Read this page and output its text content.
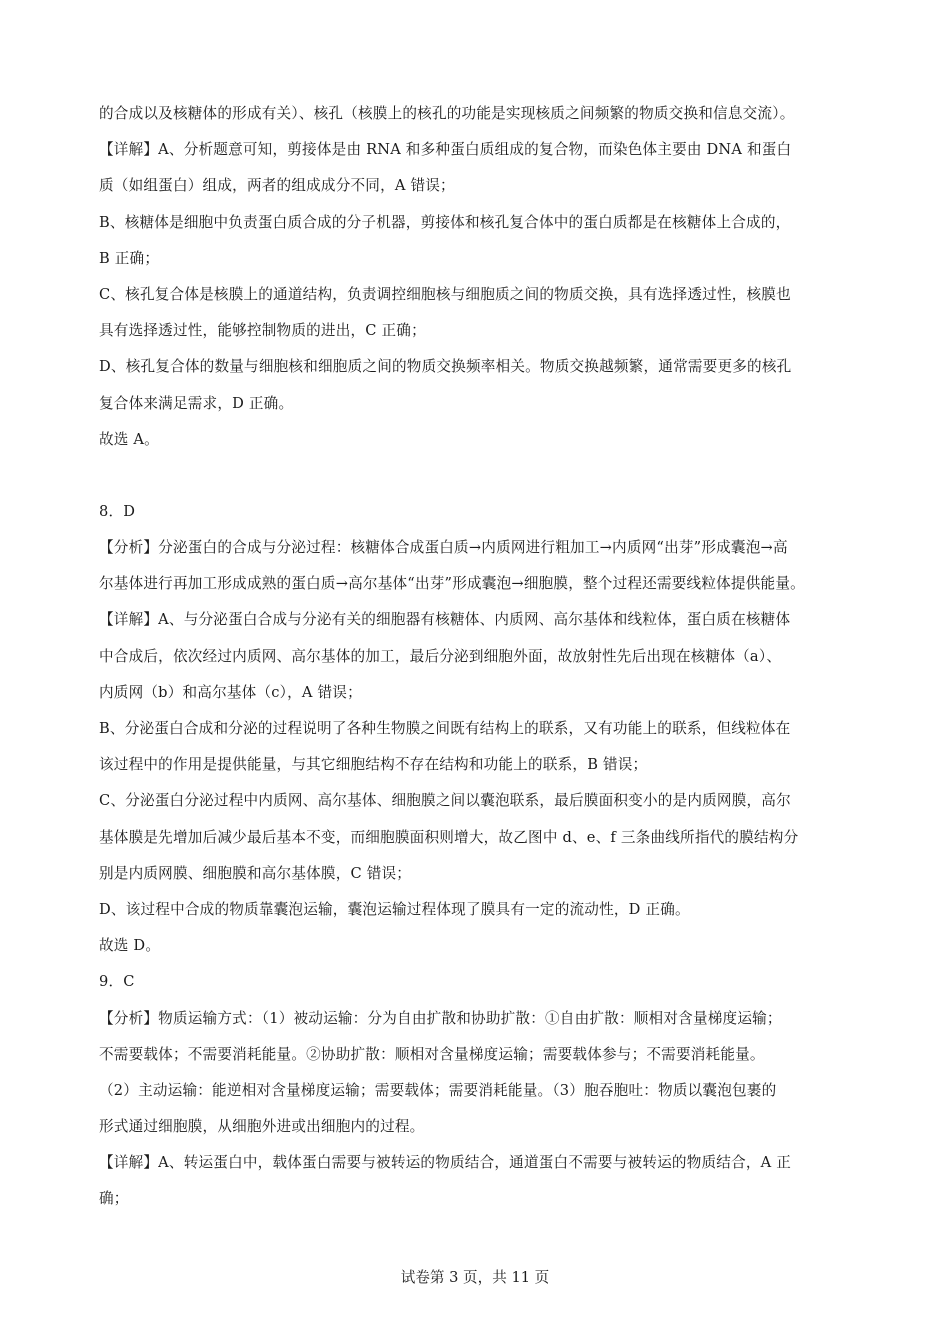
的合成以及核糖体的形成有关）、核孔（核膜上的核孔的功能是实现核质之间频繁的物质交换和信息交流）。
【详解】A、分析题意可知，剪接体是由 RNA 和多种蛋白质组成的复合物，而染色体主要由 DNA 和蛋白
质（如组蛋白）组成，两者的组成成分不同，A 错误；
B、核糖体是细胞中负责蛋白质合成的分子机器，剪接体和核孔复合体中的蛋白质都是在核糖体上合成的，
B 正确；
C、核孔复合体是核膜上的通道结构，负责调控细胞核与细胞质之间的物质交换，具有选择透过性，核膜也
具有选择透过性，能够控制物质的进出，C 正确；
D、核孔复合体的数量与细胞核和细胞质之间的物质交换频率相关。物质交换越频繁，通常需要更多的核孔
复合体来满足需求，D 正确。
故选 A。
8．D
【分析】分泌蛋白的合成与分泌过程：核糖体合成蛋白质→内质网进行粗加工→内质网“出芽”形成囊泡→高
尔基体进行再加工形成成熟的蛋白质→高尔基体“出芽”形成囊泡→细胞膜，整个过程还需要线粒体提供能量。
【详解】A、与分泌蛋白合成与分泌有关的细胞器有核糖体、内质网、高尔基体和线粒体，蛋白质在核糖体
中合成后，依次经过内质网、高尔基体的加工，最后分泌到细胞外面，故放射性先后出现在核糖体（a）、
内质网（b）和高尔基体（c），A 错误；
B、分泌蛋白合成和分泌的过程说明了各种生物膜之间既有结构上的联系，又有功能上的联系，但线粒体在
该过程中的作用是提供能量，与其它细胞结构不存在结构和功能上的联系，B 错误；
C、分泌蛋白分泌过程中内质网、高尔基体、细胞膜之间以囊泡联系，最后膜面积变小的是内质网膜，高尔
基体膜是先增加后减少最后基本不变，而细胞膜面积则增大，故乙图中 d、e、f 三条曲线所指代的膜结构分
别是内质网膜、细胞膜和高尔基体膜，C 错误；
D、该过程中合成的物质靠囊泡运输，囊泡运输过程体现了膜具有一定的流动性，D 正确。
故选 D。
9．C
【分析】物质运输方式：（1）被动运输：分为自由扩散和协助扩散：①自由扩散：顺相对含量梯度运输；
不需要载体；不需要消耗能量。②协助扩散：顺相对含量梯度运输；需要载体参与；不需要消耗能量。
（2）主动运输：能逆相对含量梯度运输；需要载体；需要消耗能量。（3）胞吞胞吐：物质以囊泡包裹的
形式通过细胞膜，从细胞外进或出细胞内的过程。
【详解】A、转运蛋白中，载体蛋白需要与被转运的物质结合，通道蛋白不需要与被转运的物质结合，A 正
确；
试卷第 3 页，共 11 页
